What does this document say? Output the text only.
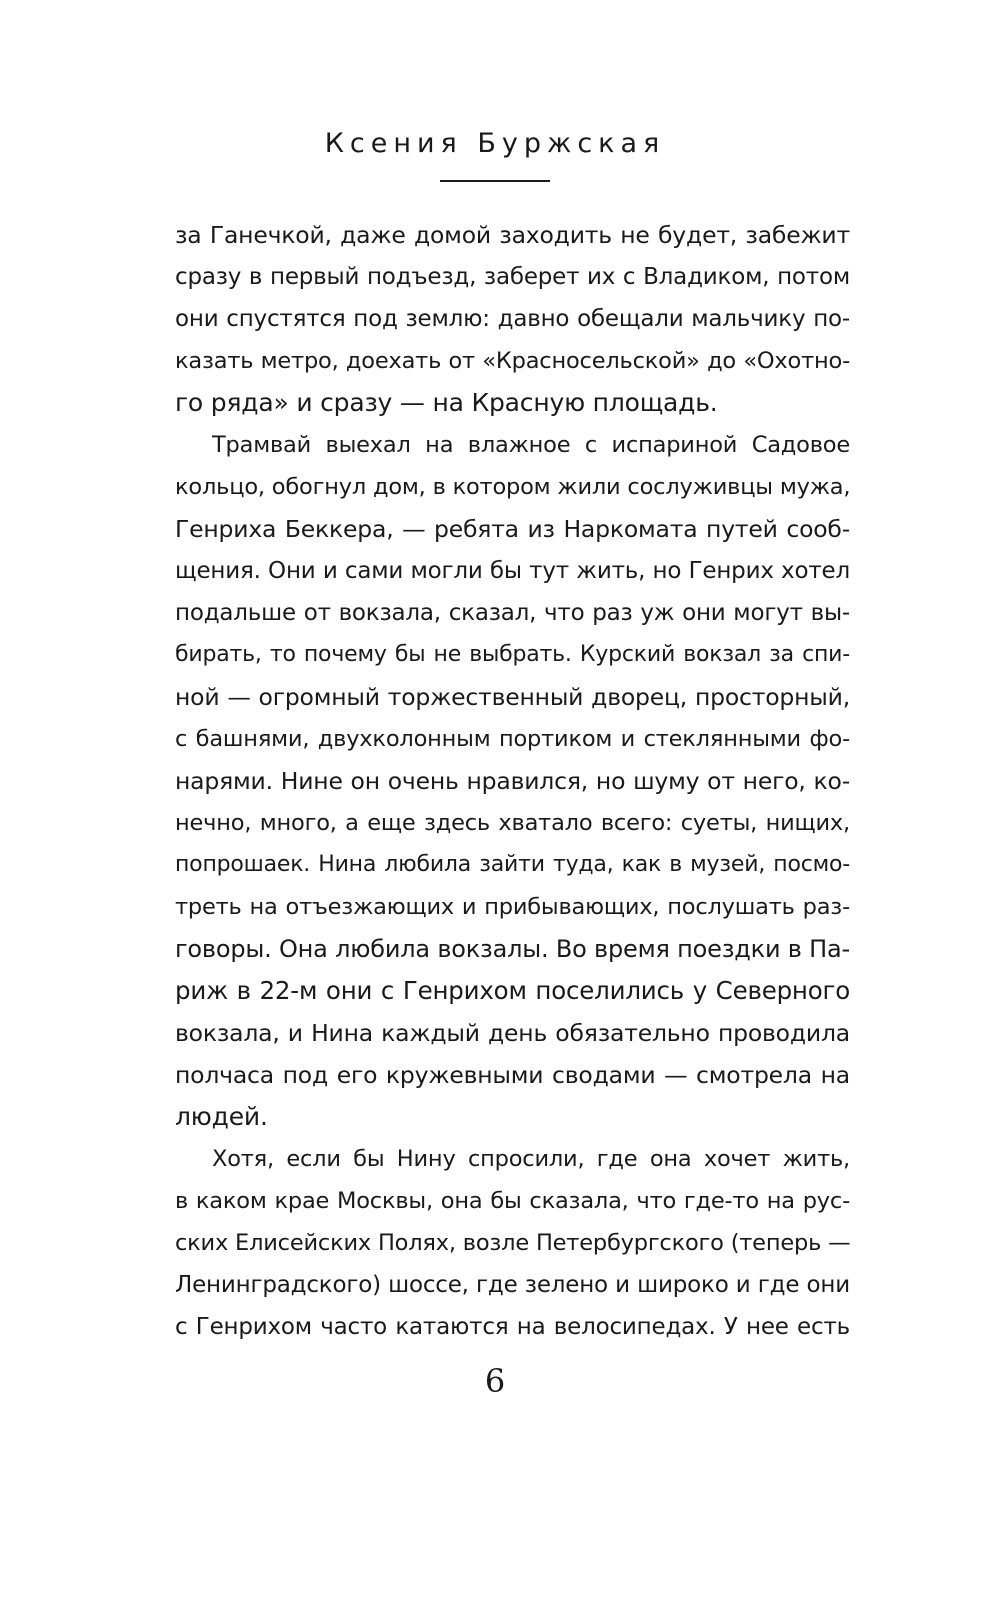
Ксения Буржская
за Ганечкой, даже домой заходить не будет, забежит
сразу в первый подъезд, заберет их с Владиком, потом
они спустятся под землю: давно обещали мальчику по-
казать метро, доехать от «Красносельской» до «Охотно-
го ряда» и сразу — на Красную площадь.
Трамвай выехал на влажное с испариной Садовое
кольцо, обогнул дом, в котором жили сослуживцы мужа,
Генриха Беккера, — ребята из Наркомата путей сооб-
щения. Они и сами могли бы тут жить, но Генрих хотел
подальше от вокзала, сказал, что раз уж они могут вы-
бирать, то почему бы не выбрать. Курский вокзал за спи-
ной — огромный торжественный дворец, просторный,
с башнями, двухколонным портиком и стеклянными фо-
нарями. Нине он очень нравился, но шуму от него, ко-
нечно, много, а еще здесь хватало всего: суеты, нищих,
попрошаек. Нина любила зайти туда, как в музей, посмо-
треть на отъезжающих и прибывающих, послушать раз-
говоры. Она любила вокзалы. Во время поездки в Па-
риж в 22-м они с Генрихом поселились у Северного
вокзала, и Нина каждый день обязательно проводила
полчаса под его кружевными сводами — смотрела на
людей.
Хотя, если бы Нину спросили, где она хочет жить,
в каком крае Москвы, она бы сказала, что где-то на рус-
ских Елисейских Полях, возле Петербургского (теперь —
Ленинградского) шоссе, где зелено и широко и где они
с Генрихом часто катаются на велосипедах. У нее есть
6
